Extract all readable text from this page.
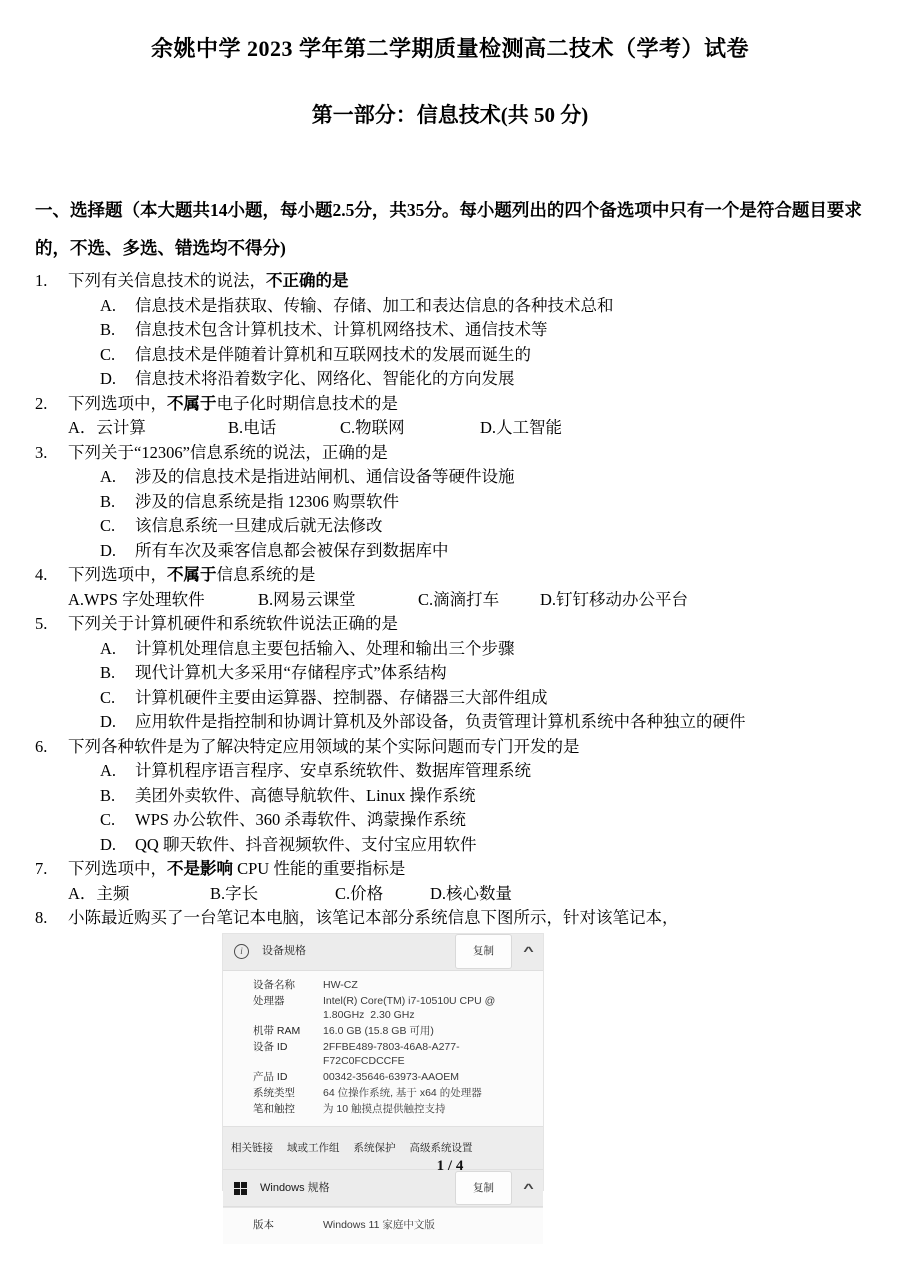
余姚中学 2023 学年第二学期质量检测高二技术（学考）试卷
第一部分：信息技术(共 50 分)
一、选择题（本大题共14小题，每小题2.5分，共35分。每小题列出的四个备选项中只有一个是符合题目要求的，不选、多选、错选均不得分)
1.	下列有关信息技术的说法，不正确的是
A.	信息技术是指获取、传输、存储、加工和表达信息的各种技术总和
B.	信息技术包含计算机技术、计算机网络技术、通信技术等
C.	信息技术是伴随着计算机和互联网技术的发展而诞生的
D.	信息技术将沿着数字化、网络化、智能化的方向发展
2.	下列选项中，不属于电子化时期信息技术的是
A．云计算	B.电话	C.物联网	D.人工智能
3.	下列关于“12306”信息系统的说法，正确的是
A.	涉及的信息技术是指进站闸机、通信设备等硬件设施
B.	涉及的信息系统是指 12306 购票软件
C.	该信息系统一旦建成后就无法修改
D.	所有车次及乘客信息都会被保存到数据库中
4.	下列选项中，不属于信息系统的是
A.WPS 字处理软件	B.网易云课堂	C.滴滴打车	D.钉钉移动办公平台
5.	下列关于计算机硬件和系统软件说法正确的是
A.	计算机处理信息主要包括输入、处理和输出三个步骤
B.	现代计算机大多采用“存储程序式”体系结构
C.	计算机硬件主要由运算器、控制器、存储器三大部件组成
D.	应用软件是指控制和协调计算机及外部设备，负责管理计算机系统中各种独立的硬件
6.	下列各种软件是为了解决特定应用领域的某个实际问题而专门开发的是
A.	计算机程序语言程序、安卓系统软件、数据库管理系统
B.	美团外卖软件、高德导航软件、Linux 操作系统
C.	WPS 办公软件、360 杀毒软件、鸿蒙操作系统
D.	QQ 聊天软件、抖音视频软件、支付宝应用软件
7.	下列选项中，不是影响 CPU 性能的重要指标是
A．主频	B.字长	C.价格	D.核心数量
8.	小陈最近购买了一台笔记本电脑，该笔记本部分系统信息下图所示，针对该笔记本，
i	设备规格	复制	^
设备名称	HW-CZ
处理器	Intel(R) Core(TM) i7-10510U CPU @ 1.80GHz  2.30 GHz
机带 RAM	16.0 GB (15.8 GB 可用)
设备 ID	2FFBE489-7803-46A8-A277-F72C0FCDCCFE
产品 ID	00342-35646-63973-AAOEM
系统类型	64 位操作系统, 基于 x64 的处理器
笔和触控	为 10 触摸点提供触控支持
相关链接 域或工作组 系统保护 高级系统设置
Windows 规格	复制	^
版本	Windows 11 家庭中文版
1 / 4
